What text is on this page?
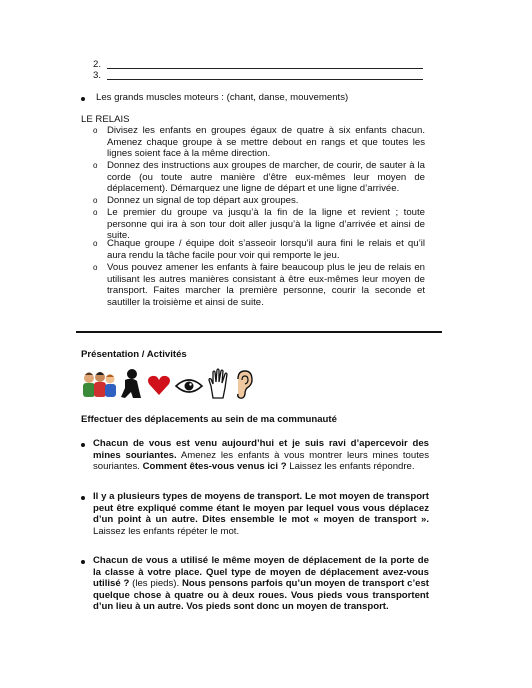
2.
3.
Les grands muscles moteurs : (chant, danse, mouvements)
LE RELAIS
o Divisez les enfants en groupes égaux de quatre à six enfants chacun. Amenez chaque groupe à se mettre debout en rangs et que toutes les lignes soient face à la même direction.
o Donnez des instructions aux groupes de marcher, de courir, de sauter à la corde (ou toute autre manière d’être eux-mêmes leur moyen de déplacement). Démarquez une ligne de départ et une ligne d’arrivée.
o Donnez un signal de top départ aux groupes.
o Le premier du groupe va jusqu’à la fin de la ligne et revient ; toute personne qui ira à son tour doit aller jusqu’à la ligne d’arrivée et ainsi de suite.
o Chaque groupe / équipe doit s’asseoir lorsqu’il aura fini le relais et qu’il aura rendu la tâche facile pour voir qui remporte le jeu.
o Vous pouvez amener les enfants à faire beaucoup plus le jeu de relais en utilisant les autres manières consistant à être eux-mêmes leur moyen de transport. Faites marcher la première personne, courir la seconde et sautiller la troisième et ainsi de suite.
Présentation / Activités
Effectuer des déplacements au sein de ma communauté
Chacun de vous est venu aujourd’hui et je suis ravi d’apercevoir des mines souriantes. Amenez les enfants à vous montrer leurs mines toutes souriantes. Comment êtes-vous venus ici ? Laissez les enfants répondre.
Il y a plusieurs types de moyens de transport. Le mot moyen de transport peut être expliqué comme étant le moyen par lequel vous vous déplacez d’un point à un autre. Dites ensemble le mot « moyen de transport ». Laissez les enfants répéter le mot.
Chacun de vous a utilisé le même moyen de déplacement de la porte de la classe à votre place. Quel type de moyen de déplacement avez-vous utilisé ? (les pieds). Nous pensons parfois qu’un moyen de transport c’est quelque chose à quatre ou à deux roues. Vous pieds vous transportent d’un lieu à un autre. Vos pieds sont donc un moyen de transport.
